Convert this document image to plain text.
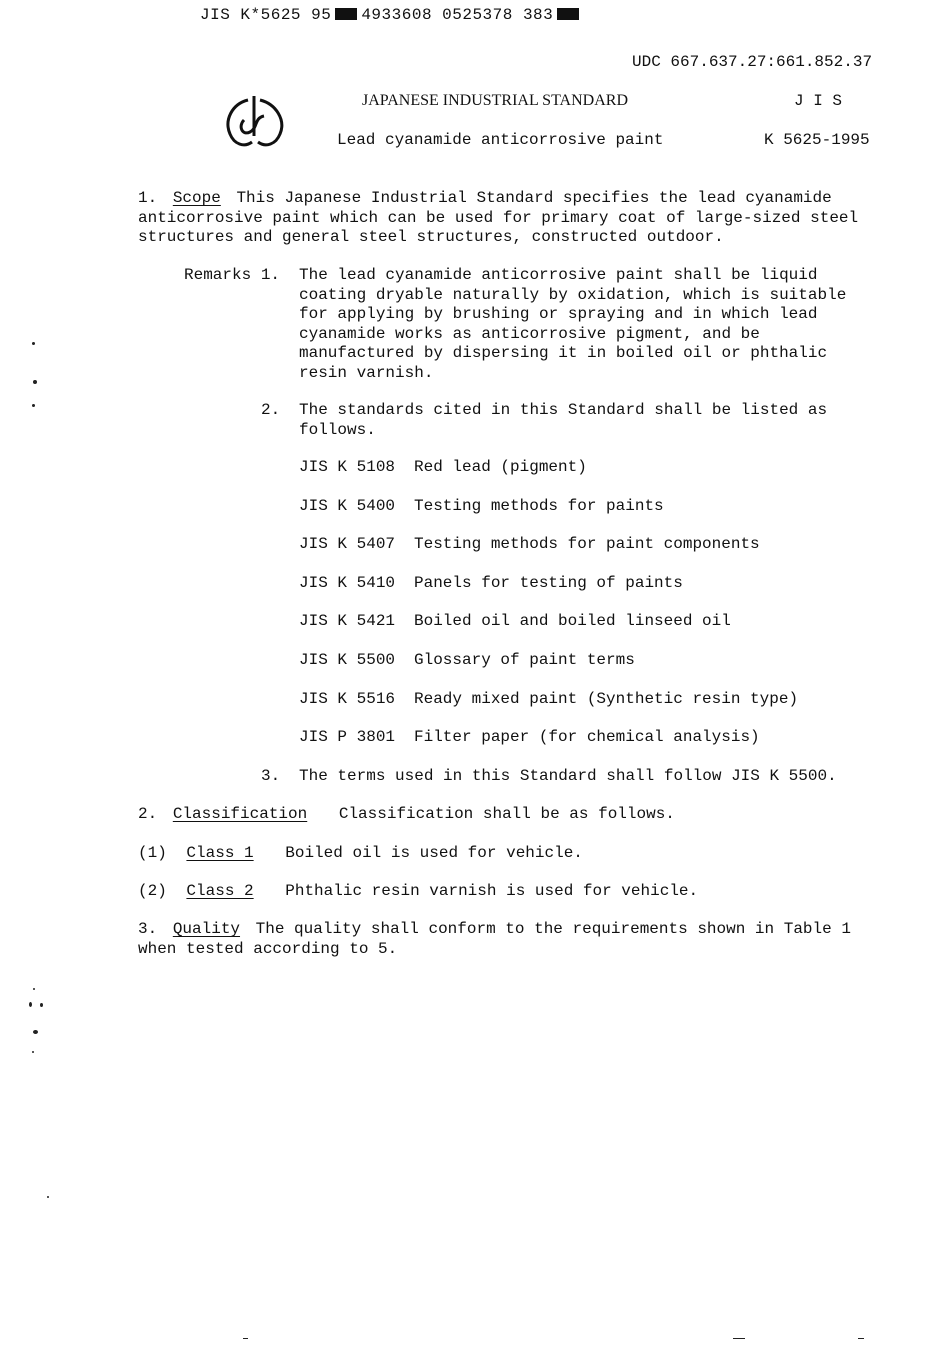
JIS K*5625 95 4933608 0525378 383
UDC 667.637.27:661.852.37
JAPANESE INDUSTRIAL STANDARD	J I S
Lead cyanamide anticorrosive paint	K 5625-1995
1. Scope This Japanese Industrial Standard specifies the lead cyanamide
anticorrosive paint which can be used for primary coat of large-sized steel
structures and general steel structures, constructed outdoor.
Remarks 1. The lead cyanamide anticorrosive paint shall be liquid
coating dryable naturally by oxidation, which is suitable
for applying by brushing or spraying and in which lead
cyanamide works as anticorrosive pigment, and be
manufactured by dispersing it in boiled oil or phthalic
resin varnish.
2. The standards cited in this Standard shall be listed as
follows.
JIS K 5108 Red lead (pigment)
JIS K 5400 Testing methods for paints
JIS K 5407 Testing methods for paint components
JIS K 5410 Panels for testing of paints
JIS K 5421 Boiled oil and boiled linseed oil
JIS K 5500 Glossary of paint terms
JIS K 5516 Ready mixed paint (Synthetic resin type)
JIS P 3801 Filter paper (for chemical analysis)
3. The terms used in this Standard shall follow JIS K 5500.
2. Classification Classification shall be as follows.
(1) Class 1 Boiled oil is used for vehicle.
(2) Class 2 Phthalic resin varnish is used for vehicle.
3. Quality The quality shall conform to the requirements shown in Table 1
when tested according to 5.
